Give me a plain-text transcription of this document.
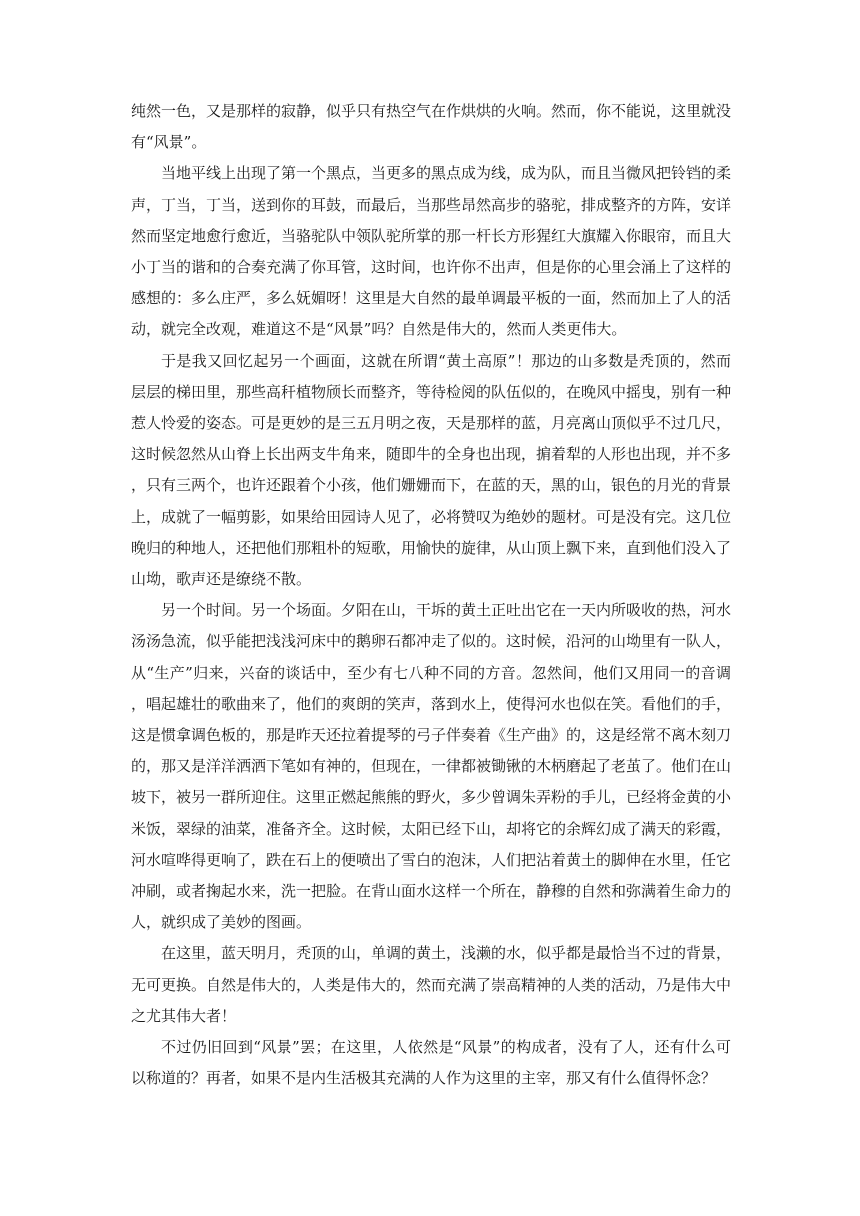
纯然一色，又是那样的寂静，似乎只有热空气在作烘烘的火响。然而，你不能说，这里就没有“风景”。

当地平线上出现了第一个黑点，当更多的黑点成为线，成为队，而且当微风把铃铛的柔声，丁当，丁当，送到你的耳鼓，而最后，当那些昂然高步的骆驼，排成整齐的方阵，安详然而坚定地愈行愈近，当骆驼队中领队驼所掌的那一杆长方形猩红大旗耀入你眼帘，而且大小丁当的谐和的合奏充满了你耳管，这时间，也许你不出声，但是你的心里会涌上了这样的感想的：多么庄严，多么妩媚呀！这里是大自然的最单调最平板的一面，然而加上了人的活动，就完全改观，难道这不是“风景”吗？自然是伟大的，然而人类更伟大。

于是我又回忆起另一个画面，这就在所谓“黄土高原”！那边的山多数是秃顶的，然而层层的梯田里，那些高秆植物颀长而整齐，等待检阅的队伍似的，在晚风中摇曳，别有一种惹人怜爱的姿态。可是更妙的是三五月明之夜，天是那样的蓝，月亮离山顶似乎不过几尺，这时候忽然从山脊上长出两支牛角来，随即牛的全身也出现，掮着犁的人形也出现，并不多，只有三两个，也许还跟着个小孩，他们姗姗而下，在蓝的天，黑的山，银色的月光的背景上，成就了一幅剪影，如果给田园诗人见了，必将赞叹为绝妙的题材。可是没有完。这几位晚归的种地人，还把他们那粗朴的短歌，用愉快的旋律，从山顶上飘下来，直到他们没入了山坳，歌声还是缭绕不散。

另一个时间。另一个场面。夕阳在山，干坼的黄土正吐出它在一天内所吸收的热，河水汤汤急流，似乎能把浅浅河床中的鹅卵石都冲走了似的。这时候，沿河的山坳里有一队人，从“生产”归来，兴奋的谈话中，至少有七八种不同的方音。忽然间，他们又用同一的音调，唱起雄壮的歌曲来了，他们的爽朗的笑声，落到水上，使得河水也似在笑。看他们的手，这是惯拿调色板的，那是昨天还拉着提琴的弓子伴奏着《生产曲》的，这是经常不离木刻刀的，那又是洋洋洒洒下笔如有神的，但现在，一律都被锄锹的木柄磨起了老茧了。他们在山坡下，被另一群所迎住。这里正燃起熊熊的野火，多少曾调朱弄粉的手儿，已经将金黄的小米饭，翠绿的油菜，准备齐全。这时候，太阳已经下山，却将它的余辉幻成了满天的彩霞，河水喧哗得更响了，跌在石上的便喷出了雪白的泡沫，人们把沾着黄土的脚伸在水里，任它冲刷，或者掬起水来，洗一把脸。在背山面水这样一个所在，静穆的自然和弥满着生命力的人，就织成了美妙的图画。

在这里，蓝天明月，秃顶的山，单调的黄土，浅濑的水，似乎都是最恰当不过的背景，无可更换。自然是伟大的，人类是伟大的，然而充满了崇高精神的人类的活动，乃是伟大中之尤其伟大者！

不过仍旧回到“风景”罢；在这里，人依然是“风景”的构成者，没有了人，还有什么可以称道的？再者，如果不是内生活极其充满的人作为这里的主宰，那又有什么值得怀念？
